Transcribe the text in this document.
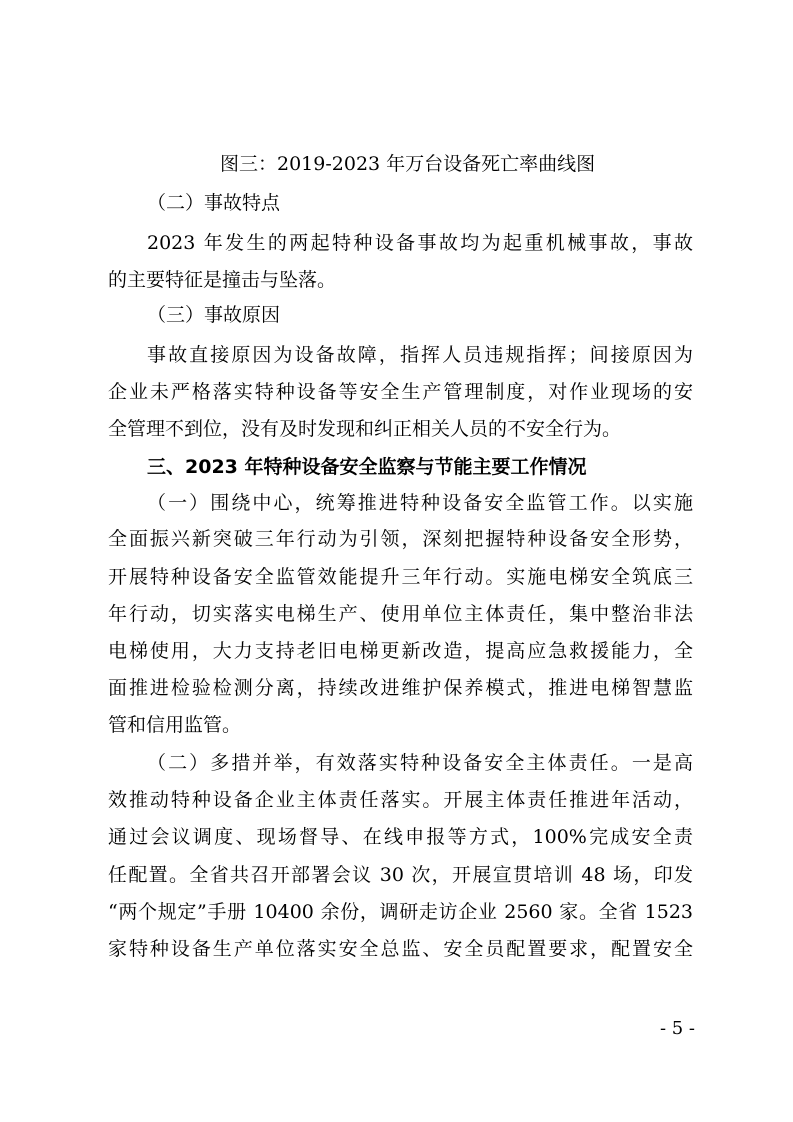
图三：2019-2023 年万台设备死亡率曲线图
（二）事故特点
2023 年发生的两起特种设备事故均为起重机械事故，事故
的主要特征是撞击与坠落。
（三）事故原因
事故直接原因为设备故障，指挥人员违规指挥；间接原因为
企业未严格落实特种设备等安全生产管理制度，对作业现场的安
全管理不到位，没有及时发现和纠正相关人员的不安全行为。
三、2023 年特种设备安全监察与节能主要工作情况
（一）围绕中心，统筹推进特种设备安全监管工作。以实施
全面振兴新突破三年行动为引领，深刻把握特种设备安全形势，
开展特种设备安全监管效能提升三年行动。实施电梯安全筑底三
年行动，切实落实电梯生产、使用单位主体责任，集中整治非法
电梯使用，大力支持老旧电梯更新改造，提高应急救援能力，全
面推进检验检测分离，持续改进维护保养模式，推进电梯智慧监
管和信用监管。
（二）多措并举，有效落实特种设备安全主体责任。一是高
效推动特种设备企业主体责任落实。开展主体责任推进年活动，
通过会议调度、现场督导、在线申报等方式，100%完成安全责
任配置。全省共召开部署会议 30 次，开展宣贯培训 48 场，印发
“两个规定”手册 10400 余份，调研走访企业 2560 家。全省 1523
家特种设备生产单位落实安全总监、安全员配置要求，配置安全
- 5 -
